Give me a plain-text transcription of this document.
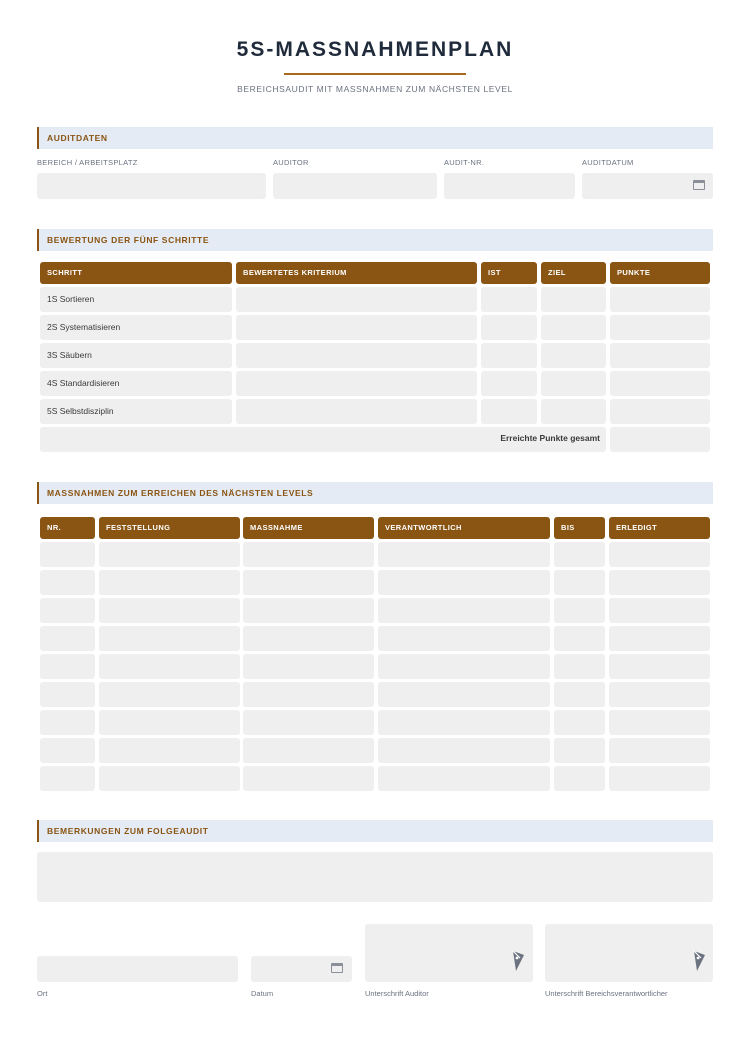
5S-MASSNAHMENPLAN
BEREICHSAUDIT MIT MASSNAHMEN ZUM NÄCHSTEN LEVEL
AUDITDATEN
BEREICH / ARBEITSPLATZ	AUDITOR	AUDIT-NR.	AUDITDATUM
BEWERTUNG DER FÜNF SCHRITTE
SCHRITT	BEWERTETES KRITERIUM	IST	ZIEL	PUNKTE
1S Sortieren
2S Systematisieren
3S Säubern
4S Standardisieren
5S Selbstdisziplin
Erreichte Punkte gesamt
MASSNAHMEN ZUM ERREICHEN DES NÄCHSTEN LEVELS
NR.	FESTSTELLUNG	MASSNAHME	VERANTWORTLICH	BIS	ERLEDIGT
BEMERKUNGEN ZUM FOLGEAUDIT
Ort	Datum	Unterschrift Auditor	Unterschrift Bereichsverantwortlicher
